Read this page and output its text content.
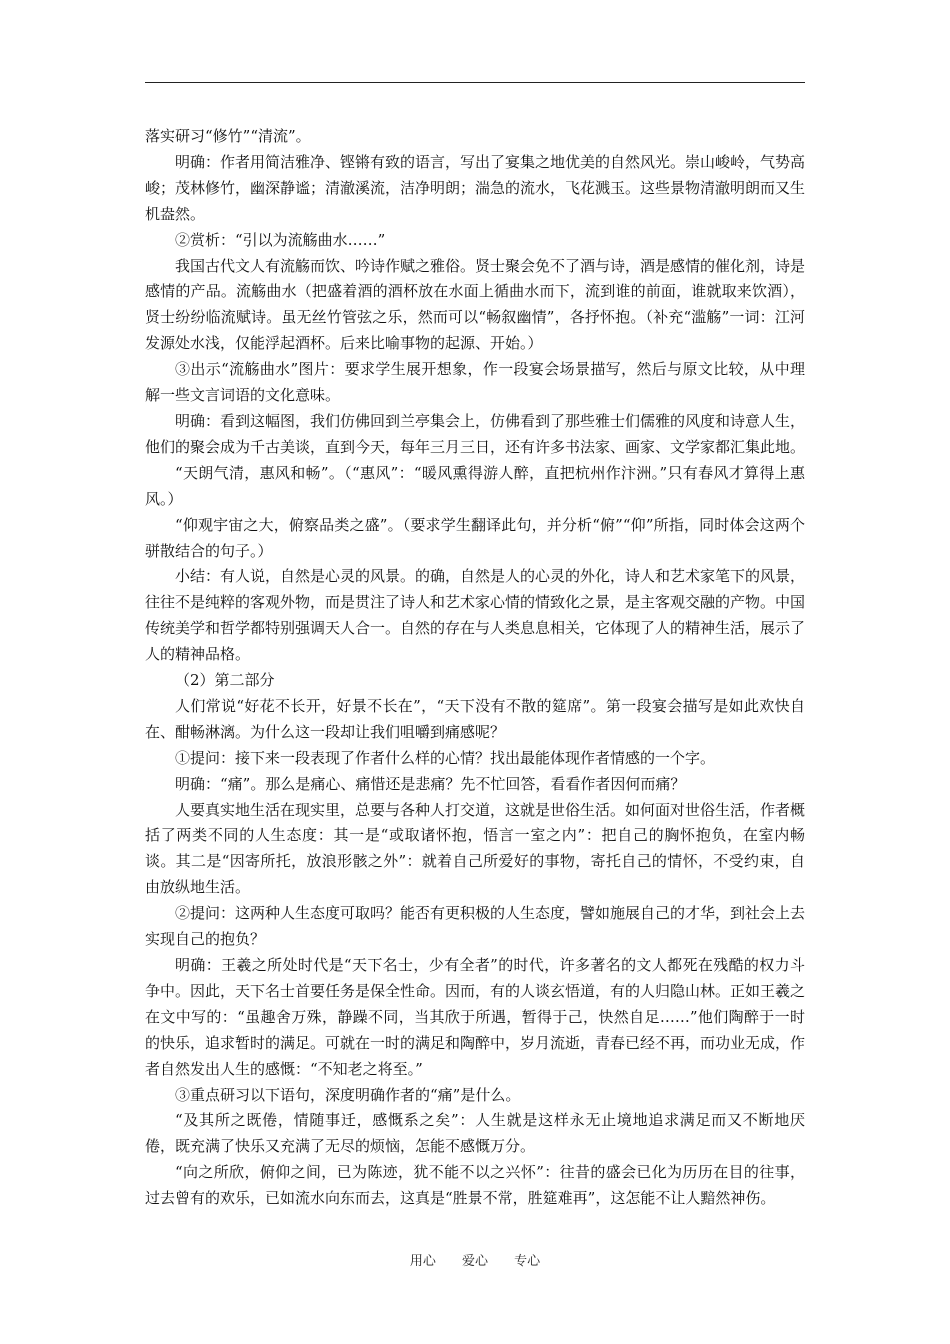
落实研习“修竹”“清流”。

明确：作者用简洁雅净、铿锵有致的语言，写出了宴集之地优美的自然风光。崇山峻岭，气势高峻；茂林修竹，幽深静谧；清澈溪流，洁净明朗；湍急的流水，飞花溅玉。这些景物清澈明朗而又生机盎然。

②赏析：“引以为流觞曲水……”

我国古代文人有流觞而饮、吟诗作赋之雅俗。贤士聚会免不了酒与诗，酒是感情的催化剂，诗是感情的产品。流觞曲水（把盛着酒的酒杯放在水面上循曲水而下，流到谁的前面，谁就取来饮酒），贤士纷纷临流赋诗。虽无丝竹管弦之乐，然而可以“畅叙幽情”，各抒怀抱。（补充“滥觞”一词：江河发源处水浅，仅能浮起酒杯。后来比喻事物的起源、开始。）

③出示“流觞曲水”图片：要求学生展开想象，作一段宴会场景描写，然后与原文比较，从中理解一些文言词语的文化意味。

明确：看到这幅图，我们仿佛回到兰亭集会上，仿佛看到了那些雅士们儒雅的风度和诗意人生，他们的聚会成为千古美谈，直到今天，每年三月三日，还有许多书法家、画家、文学家都汇集此地。

“天朗气清，惠风和畅”。（“惠风”：“暖风熏得游人醉，直把杭州作汴洲。”只有春风才算得上惠风。）

“仰观宇宙之大，俯察品类之盛”。（要求学生翻译此句，并分析“俯”“仰”所指，同时体会这两个骈散结合的句子。）

小结：有人说，自然是心灵的风景。的确，自然是人的心灵的外化，诗人和艺术家笔下的风景，往往不是纯粹的客观外物，而是贯注了诗人和艺术家心情的情致化之景，是主客观交融的产物。中国传统美学和哲学都特别强调天人合一。自然的存在与人类息息相关，它体现了人的精神生活，展示了人的精神品格。

（2）第二部分

人们常说“好花不长开，好景不长在”，“天下没有不散的筵席”。第一段宴会描写是如此欢快自在、酣畅淋漓。为什么这一段却让我们咀嚼到痛感呢？

①提问：接下来一段表现了作者什么样的心情？找出最能体现作者情感的一个字。

明确：“痛”。那么是痛心、痛惜还是悲痛？先不忙回答，看看作者因何而痛？

人要真实地生活在现实里，总要与各种人打交道，这就是世俗生活。如何面对世俗生活，作者概括了两类不同的人生态度：其一是“或取诸怀抱，悟言一室之内”：把自己的胸怀抱负，在室内畅谈。其二是“因寄所托，放浪形骸之外”：就着自己所爱好的事物，寄托自己的情怀，不受约束，自由放纵地生活。

②提问：这两种人生态度可取吗？能否有更积极的人生态度，譬如施展自己的才华，到社会上去实现自己的抱负？

明确：王羲之所处时代是“天下名士，少有全者”的时代，许多著名的文人都死在残酷的权力斗争中。因此，天下名士首要任务是保全性命。因而，有的人谈玄悟道，有的人归隐山林。正如王羲之在文中写的：“虽趣舍万殊，静躁不同，当其欣于所遇，暂得于己，快然自足……”他们陶醉于一时的快乐，追求暂时的满足。可就在一时的满足和陶醉中，岁月流逝，青春已经不再，而功业无成，作者自然发出人生的感慨：“不知老之将至。”

③重点研习以下语句，深度明确作者的“痛”是什么。

“及其所之既倦，情随事迁，感慨系之矣”：人生就是这样永无止境地追求满足而又不断地厌倦，既充满了快乐又充满了无尽的烦恼，怎能不感慨万分。

“向之所欣，俯仰之间，已为陈迹，犹不能不以之兴怀”：往昔的盛会已化为历历在目的往事，过去曾有的欢乐，已如流水向东而去，这真是“胜景不常，胜筵难再”，这怎能不让人黯然神伤。

用心 爱心 专心
